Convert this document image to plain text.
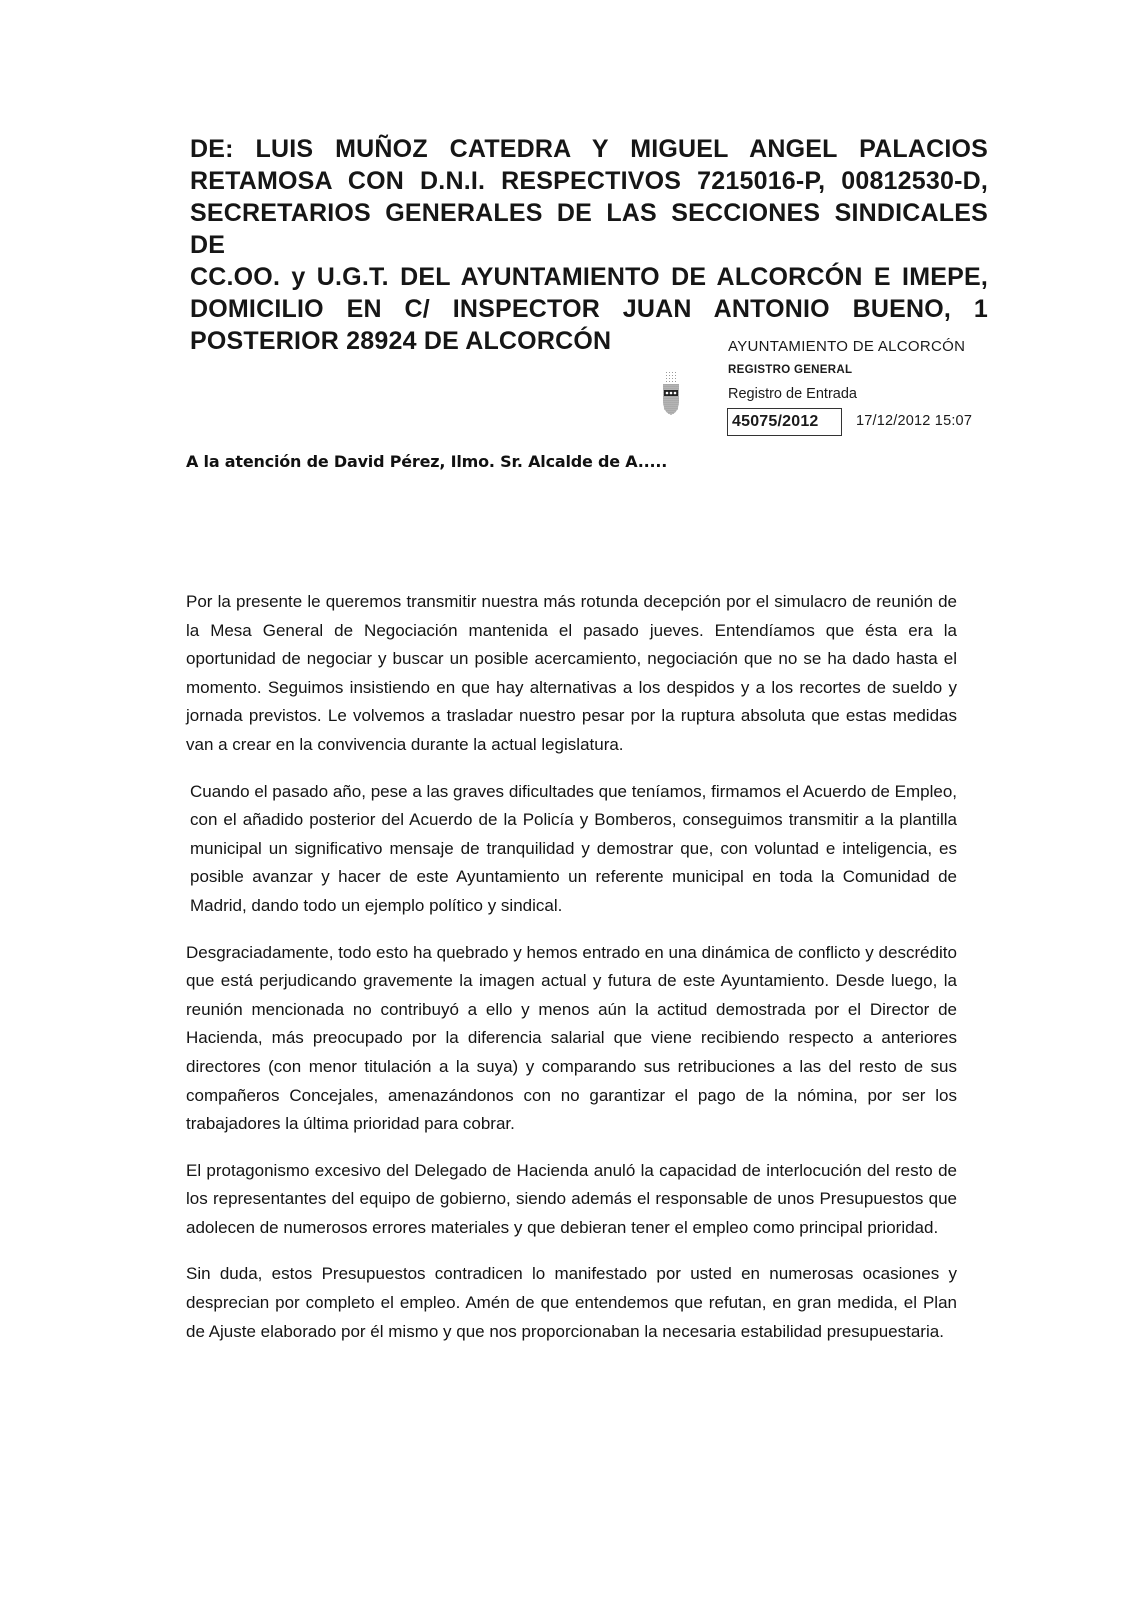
DE: LUIS MUÑOZ CATEDRA Y MIGUEL ANGEL PALACIOS
RETAMOSA CON D.N.I. RESPECTIVOS 7215016-P, 00812530-D,
SECRETARIOS GENERALES DE LAS SECCIONES SINDICALES DE
CC.OO. y U.G.T. DEL AYUNTAMIENTO DE ALCORCÓN E IMEPE,
DOMICILIO EN C/ INSPECTOR JUAN ANTONIO BUENO, 1
POSTERIOR 28924 DE ALCORCÓN	AYUNTAMIENTO DE ALCORCÓN
REGISTRO GENERAL
Registro de Entrada
45075/2012	17/12/2012 15:07
A la atención de David Pérez, Ilmo. Sr. Alcalde de A.....

Por la presente le queremos transmitir nuestra más rotunda decepción por el simulacro de reunión de la Mesa General de Negociación mantenida el pasado jueves. Entendíamos que ésta era la oportunidad de negociar y buscar un posible acercamiento, negociación que no se ha dado hasta el momento. Seguimos insistiendo en que hay alternativas a los despidos y a los recortes de sueldo y jornada previstos. Le volvemos a trasladar nuestro pesar por la ruptura absoluta que estas medidas van a crear en la convivencia durante la actual legislatura.

Cuando el pasado año, pese a las graves dificultades que teníamos, firmamos el Acuerdo de Empleo, con el añadido posterior del Acuerdo de la Policía y Bomberos, conseguimos transmitir a la plantilla municipal un significativo mensaje de tranquilidad y demostrar que, con voluntad e inteligencia, es posible avanzar y hacer de este Ayuntamiento un referente municipal en toda la Comunidad de Madrid, dando todo un ejemplo político y sindical.

Desgraciadamente, todo esto ha quebrado y hemos entrado en una dinámica de conflicto y descrédito que está perjudicando gravemente la imagen actual y futura de este Ayuntamiento. Desde luego, la reunión mencionada no contribuyó a ello y menos aún la actitud demostrada por el Director de Hacienda, más preocupado por la diferencia salarial que viene recibiendo respecto a anteriores directores (con menor titulación a la suya) y comparando sus retribuciones a las del resto de sus compañeros Concejales, amenazándonos con no garantizar el pago de la nómina, por ser los trabajadores la última prioridad para cobrar.

El protagonismo excesivo del Delegado de Hacienda anuló la capacidad de interlocución del resto de los representantes del equipo de gobierno, siendo además el responsable de unos Presupuestos que adolecen de numerosos errores materiales y que debieran tener el empleo como principal prioridad.

Sin duda, estos Presupuestos contradicen lo manifestado por usted en numerosas ocasiones y desprecian por completo el empleo. Amén de que entendemos que refutan, en gran medida, el Plan de Ajuste elaborado por él mismo y que nos proporcionaban la necesaria estabilidad presupuestaria.
